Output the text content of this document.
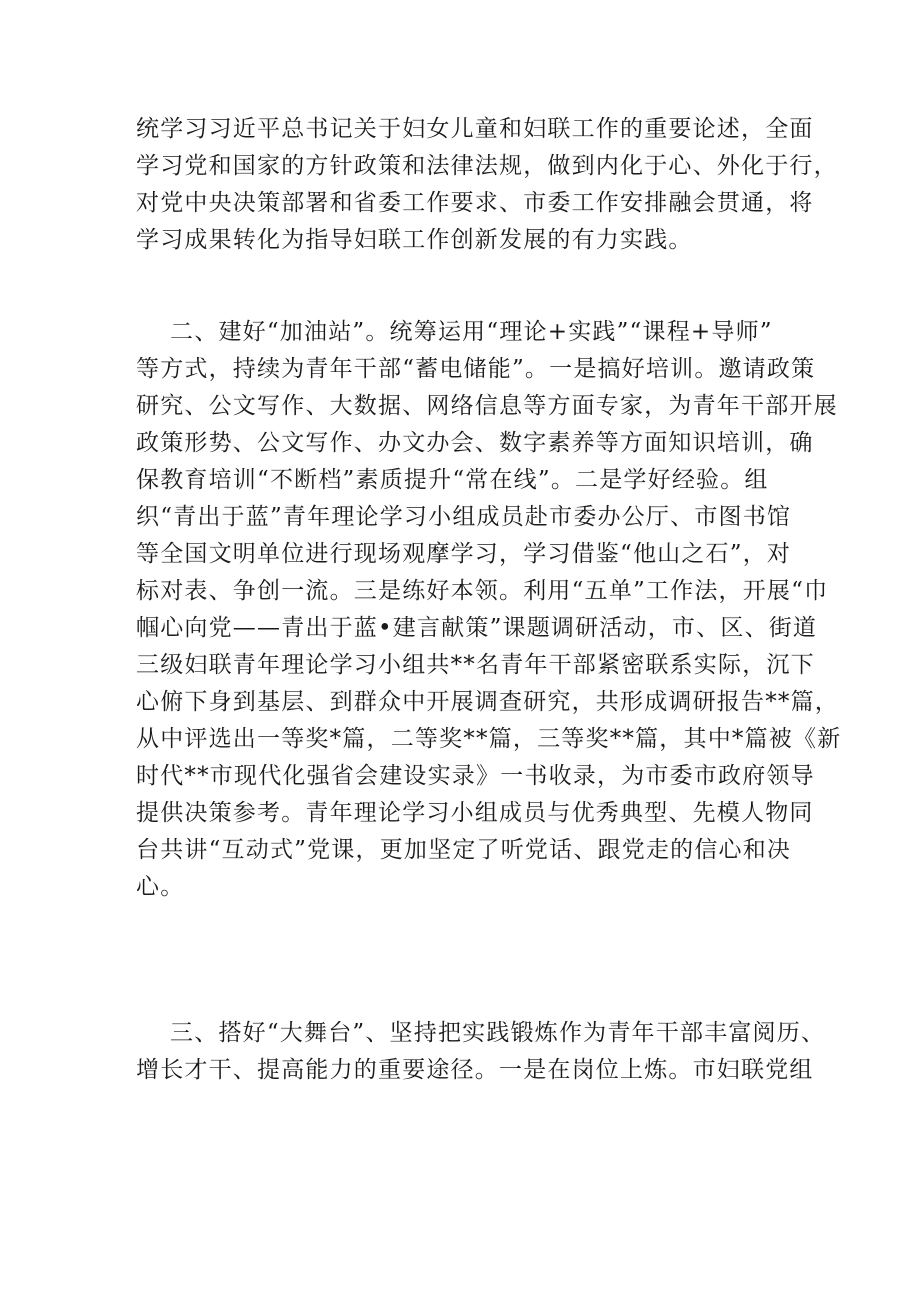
统学习习近平总书记关于妇女儿童和妇联工作的重要论述，全面
学习党和国家的方针政策和法律法规，做到内化于心、外化于行，
对党中央决策部署和省委工作要求、市委工作安排融会贯通，将
学习成果转化为指导妇联工作创新发展的有力实践。
二、建好“加油站”。统筹运用“理论+实践”“课程+导师”
等方式，持续为青年干部“蓄电储能”。一是搞好培训。邀请政策
研究、公文写作、大数据、网络信息等方面专家，为青年干部开展
政策形势、公文写作、办文办会、数字素养等方面知识培训，确
保教育培训“不断档”素质提升“常在线”。二是学好经验。组
织“青出于蓝”青年理论学习小组成员赴市委办公厅、市图书馆
等全国文明单位进行现场观摩学习，学习借鉴“他山之石”，对
标对表、争创一流。三是练好本领。利用“五单”工作法，开展“巾
帼心向党——青出于蓝•建言献策”课题调研活动，市、区、街道
三级妇联青年理论学习小组共**名青年干部紧密联系实际，沉下
心俯下身到基层、到群众中开展调查研究，共形成调研报告**篇，
从中评选出一等奖*篇，二等奖**篇，三等奖**篇，其中*篇被《新
时代**市现代化强省会建设实录》一书收录，为市委市政府领导
提供决策参考。青年理论学习小组成员与优秀典型、先模人物同
台共讲“互动式”党课，更加坚定了听党话、跟党走的信心和决
心。
三、搭好“大舞台”、坚持把实践锻炼作为青年干部丰富阅历、
增长才干、提高能力的重要途径。一是在岗位上炼。市妇联党组
